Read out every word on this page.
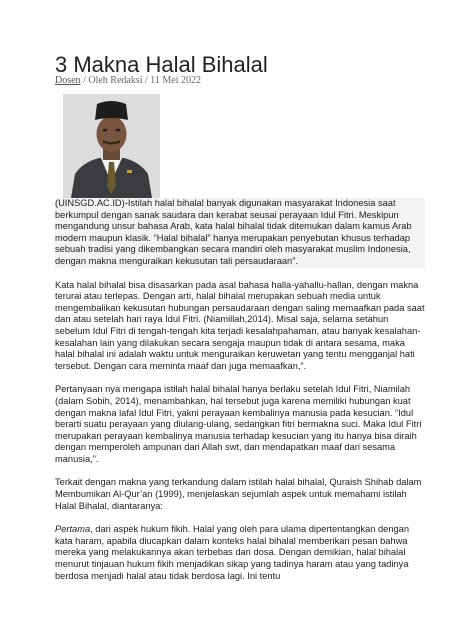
3 Makna Halal Bihalal
Dosen / Oleh Redaksi / 11 Mei 2022

(UINSGD.AC.ID)-Istilah halal bihalal banyak digunakan masyarakat Indonesia saat berkumpul dengan sanak saudara dan kerabat seusai perayaan Idul Fitri. Meskipun mengandung unsur bahasa Arab, kata halal bihalal tidak ditemukan dalam kamus Arab modern maupun klasik. “Halal bihalal” hanya merupakan penyebutan khusus terhadap sebuah tradisi yang dikembangkan secara mandiri oleh masyarakat muslim Indonesia, dengan makna menguraikan kekusutan tali persaudaraan”.

Kata halal bihalal bisa disasarkan pada asal bahasa halla-yahallu-hallan, dengan makna terurai atau terlepas. Dengan arti, halal bihalal merupakan sebuah media untuk mengembalikan kekusutan hubungan persaudaraan dengan saling memaafkan pada saat dan atau setelah hari raya Idul Fitri. (Niamillah,2014). Misal saja, selama setahun sebelum Idul Fitri di tengah-tengah kita terjadi kesalahpahaman, atau banyak kesalahan-kesalahan lain yang dilakukan secara sengaja maupun tidak di antara sesama, maka halal bihalal ini adalah waktu untuk menguraikan keruwetan yang tentu mengganjal hati tersebut. Dengan cara meminta maaf dan juga memaafkan,”.

Pertanyaan nya mengapa istilah halal bihalal hanya berlaku setelah Idul Fitri, Niamilah (dalam Sobih, 2014), menambahkan, hal tersebut juga karena memiliki hubungan kuat dengan makna lafal Idul Fitri, yakni perayaan kembalinya manusia pada kesucian. “Idul berarti suatu perayaan yang diulang-ulang, sedangkan fitri bermakna suci. Maka Idul Fitri merupakan perayaan kembalinya manusia terhadap kesucian yang itu hanya bisa diraih dengan memperoleh ampunan dari Allah swt, dan mendapatkan maaf dari sesama manusia,”.

Terkait dengan makna yang terkandung dalam istilah halal bihalal, Quraish Shihab dalam Membumikan Al-Qur’an (1999), menjelaskan sejumlah aspek untuk memahami istilah Halal Bihalal, diantaranya:

Pertama, dari aspek hukum fikih. Halal yang oleh para ulama dipertentangkan dengan kata haram, apabila diucapkan dalam konteks halal bihalal memberikan pesan bahwa mereka yang melakukannya akan terbebas dari dosa. Dengan demikian, halal bihalal menurut tinjauan hukum fikih menjadikan sikap yang tadinya haram atau yang tadinya berdosa menjadi halal atau tidak berdosa lagi. Ini tentu
